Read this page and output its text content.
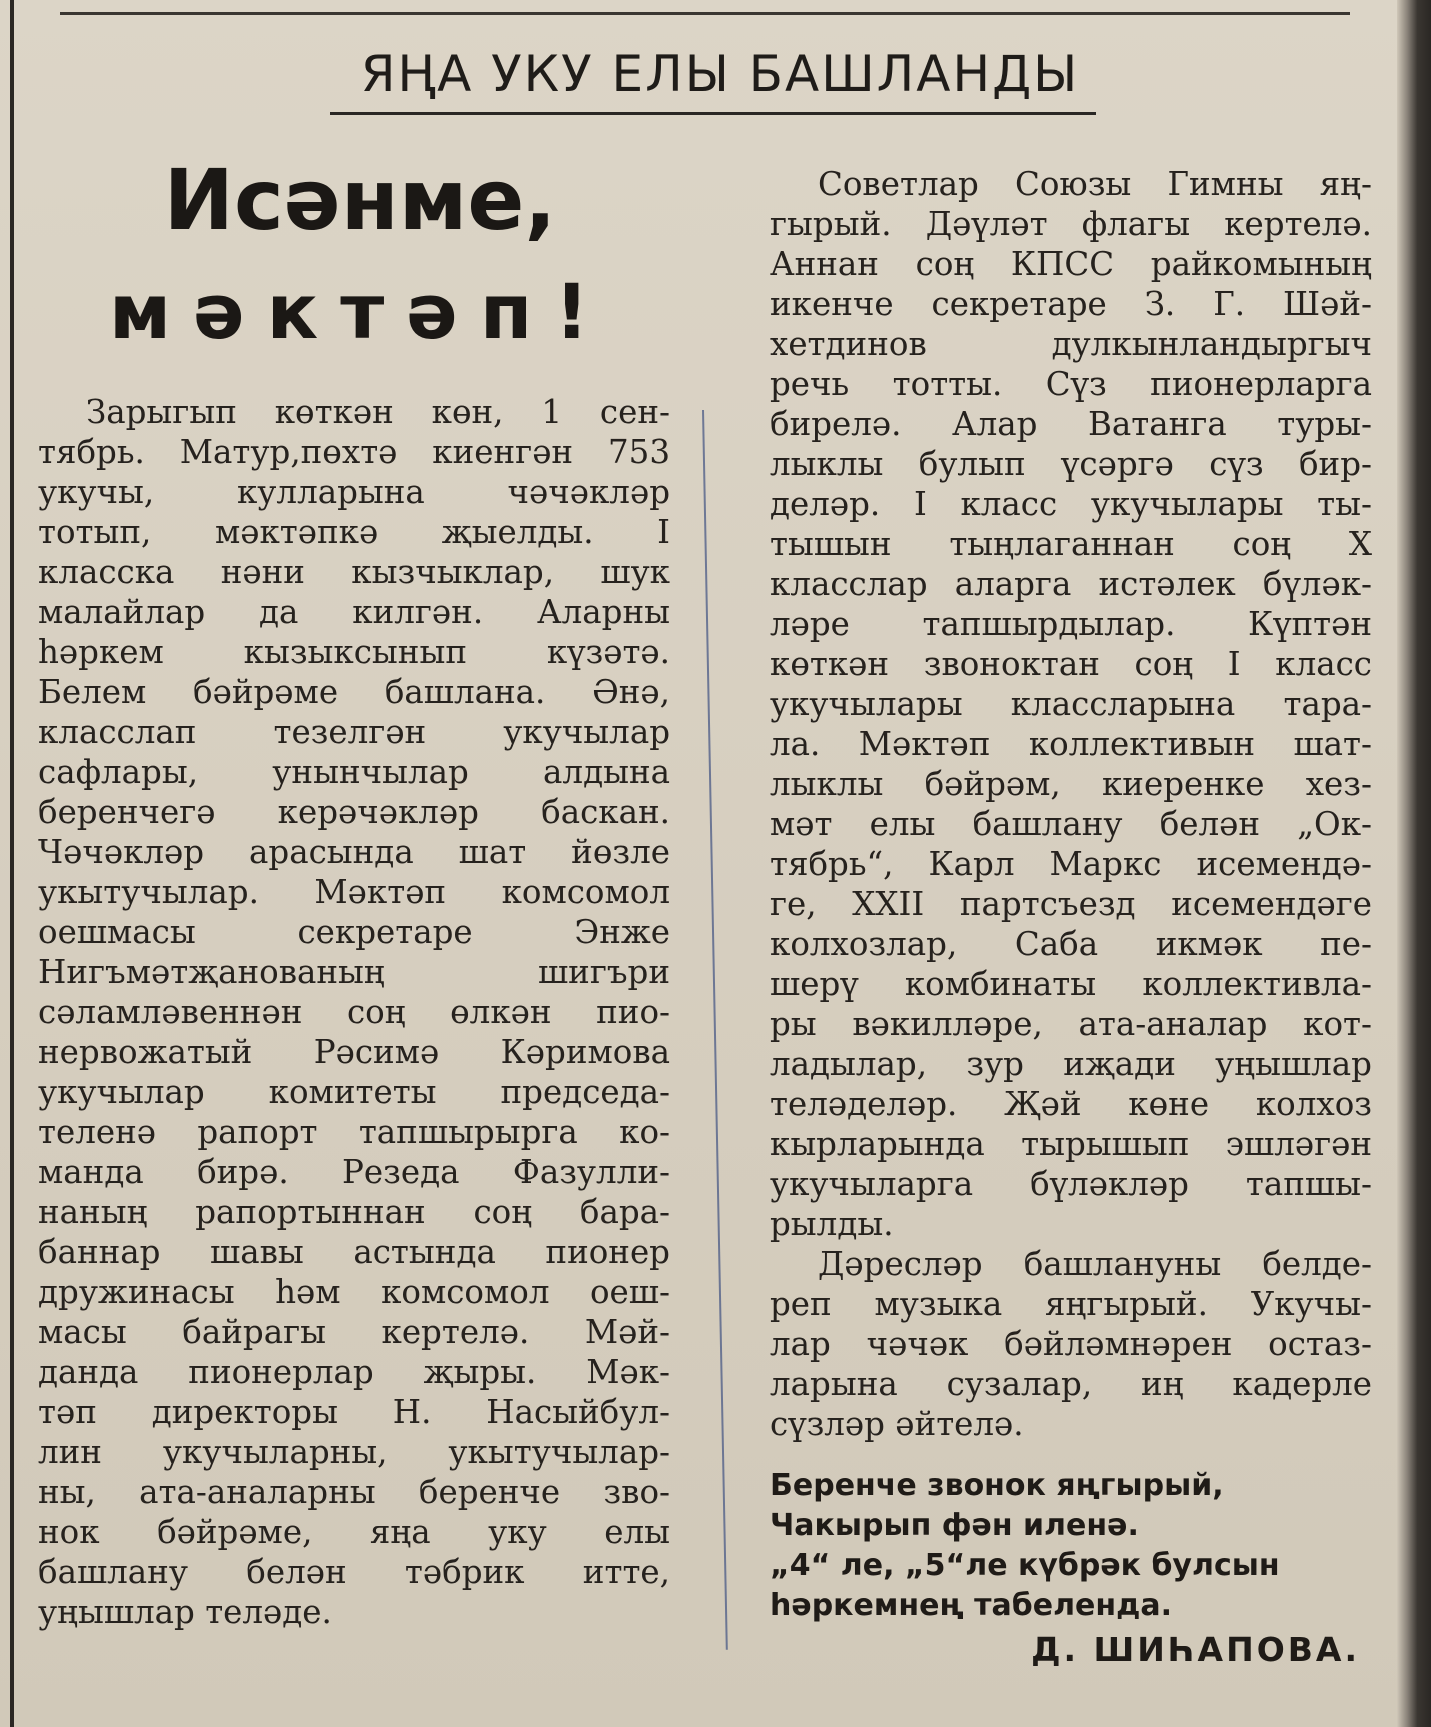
ЯҢА УКУ ЕЛЫ БАШЛАНДЫ
Исәнме,
мәктәп!
Зарыгып көткән көн, 1 сен-
тябрь. Матур,пөхтә киенгән 753
укучы, кулларына чәчәкләр
тотып, мәктәпкә җыелды. I
класска нәни кызчыклар, шук
малайлар да килгән. Аларны
һәркем кызыксынып күзәтә.
Белем бәйрәме башлана. Әнә,
класслап тезелгән укучылар
сафлары, унынчылар алдына
беренчегә керәчәкләр баскан.
Чәчәкләр арасында шат йөзле
укытучылар. Мәктәп комсомол
оешмасы секретаре Энже
Нигъмәтҗанованың шигъри
сәламләвеннән соң өлкән пио-
нервожатый Рәсимә Кәримова
укучылар комитеты председа-
теленә рапорт тапшырырга ко-
манда бирә. Резеда Фазулли-
наның рапортыннан соң бара-
баннар шавы астында пионер
дружинасы һәм комсомол оеш-
масы байрагы кертелә. Мәй-
данда пионерлар җыры. Мәк-
тәп директоры Н. Насыйбул-
лин укучыларны, укытучылар-
ны, ата-аналарны беренче зво-
нок бәйрәме, яңа уку елы
башлану белән тәбрик итте,
уңышлар теләде.
Советлар Союзы Гимны яң-
гырый. Дәүләт флагы кертелә.
Аннан соң КПСС райкомының
икенче секретаре З. Г. Шәй-
хетдинов дулкынландыргыч
речь тотты. Сүз пионерларга
бирелә. Алар Ватанга туры-
лыклы булып үсәргә сүз бир-
деләр. I класс укучылары ты-
тышын тыңлаганнан соң X
класслар аларга истәлек бүләк-
ләре тапшырдылар. Күптән
көткән звоноктан соң I класс
укучылары классларына тара-
ла. Мәктәп коллективын шат-
лыклы бәйрәм, киеренке хез-
мәт елы башлану белән „Ок-
тябрь“, Карл Маркс исемендә-
ге, XXII партсъезд исемендәге
колхозлар, Саба икмәк пе-
шерү комбинаты коллективла-
ры вәкилләре, ата-аналар кот-
ладылар, зур иҗади уңышлар
теләделәр. Җәй көне колхоз
кырларында тырышып эшләгән
укучыларга бүләкләр тапшы-
рылды.
Дәресләр башлануны белде-
реп музыка яңгырый. Укучы-
лар чәчәк бәйләмнәрен остаз-
ларына сузалар, иң кадерле
сүзләр әйтелә.
Беренче звонок яңгырый,
Чакырып фән иленә.
„4“ ле, „5“ле күбрәк булсын
һәркемнең табеленда.
Д. ШИҺАПОВА.
